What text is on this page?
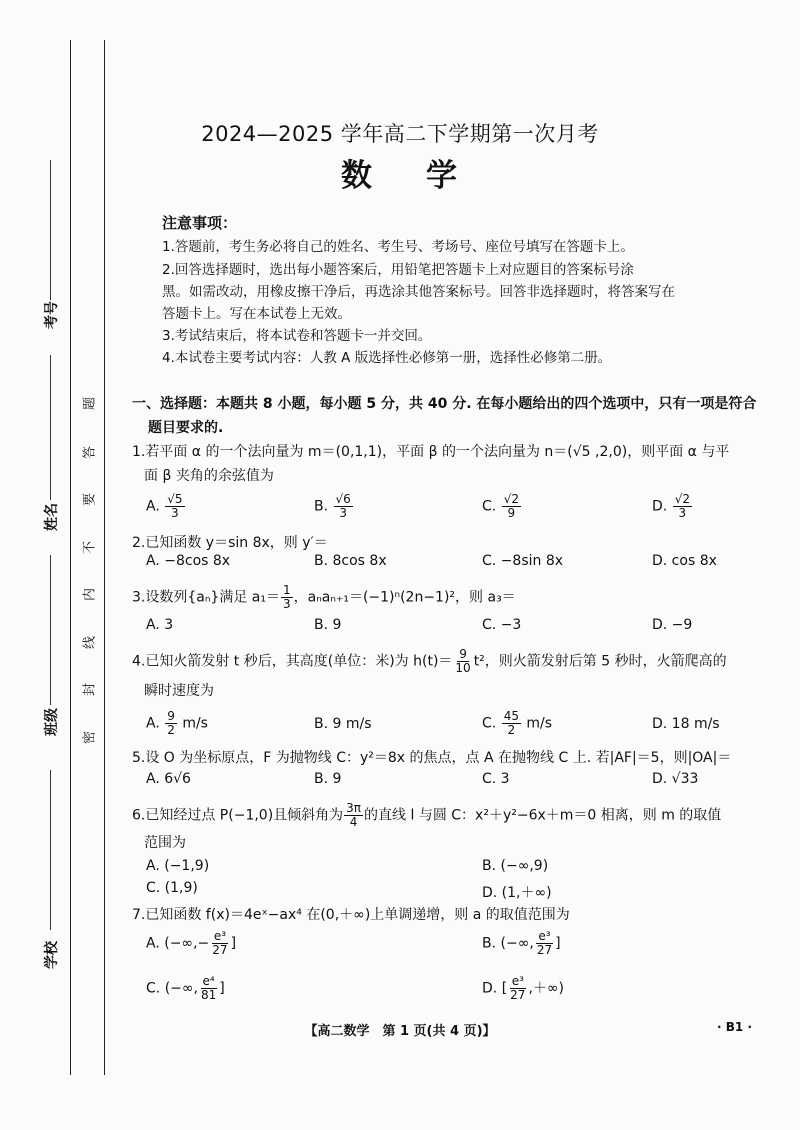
考号
姓名
班级
学校
题
答
要
不
内
线
封
密
2024—2025 学年高二下学期第一次月考
数 学
注意事项：
1.答题前，考生务必将自己的姓名、考生号、考场号、座位号填写在答题卡上。
2.回答选择题时，选出每小题答案后，用铅笔把答题卡上对应题目的答案标号涂
黑。如需改动，用橡皮擦干净后，再选涂其他答案标号。回答非选择题时，将答案写在
答题卡上。写在本试卷上无效。
3.考试结束后，将本试卷和答题卡一并交回。
4.本试卷主要考试内容：人教 A 版选择性必修第一册，选择性必修第二册。
一、选择题：本题共 8 小题，每小题 5 分，共 40 分. 在每小题给出的四个选项中，只有一项是符合
题目要求的.
1.若平面 α 的一个法向量为 m＝(0,1,1)，平面 β 的一个法向量为 n＝(√5 ,2,0)，则平面 α 与平
面 β 夹角的余弦值为
A. $\frac{√5}{3}$	B. $\frac{√6}{3}$	C. $\frac{√2}{9}$	D. $\frac{√2}{3}$
2.已知函数 y＝sin 8x，则 y′＝
A. −8cos 8x	B. 8cos 8x	C. −8sin 8x	D. cos 8x
3.设数列{aₙ}满足 $a_1= \frac{1}{3}$ ，aₙaₙ₊₁＝(−1)ⁿ(2n−1)²，则 a₃＝
A. 3	B. 9	C. −3	D. −9
4.已知火箭发射 t 秒后，其高度(单位：米)为 $h(t)= \frac{9}{10} t^2$，则火箭发射后第 5 秒时，火箭爬高的
瞬时速度为
A. $\frac{9}{2} m/s$	B. 9 m/s	C. $\frac{45}{2} m/s$	D. 18 m/s
5.设 O 为坐标原点，F 为抛物线 C：y²＝8x 的焦点，点 A 在抛物线 C 上. 若|AF|＝5，则|OA|＝
A. 6√6	B. 9	C. 3	D. √33
6.已知经过点 P(−1,0)且倾斜角为 $\frac{3\pi}{4}$ 的直线 l 与圆 C：x²＋y²−6x＋m＝0 相离，则 m 的取值
范围为
A. (−1,9)	B. (−∞,9)
C. (1,9)	D. (1,＋∞)
7.已知函数 f(x)＝4eˣ−ax⁴ 在(0,＋∞)上单调递增，则 a 的取值范围为
A. (−∞,− $\frac{\text{e³}}{27}$ ]	B. (−∞, $\frac{\text{e³}}{27}$ ]
C. (−∞, $\frac{\text{e⁴}}{81}$ ]	D. [ $\frac{\text{e³}}{27}$ ,＋∞)
【高二数学　第 1 页(共 4 页)】	· B1 ·
